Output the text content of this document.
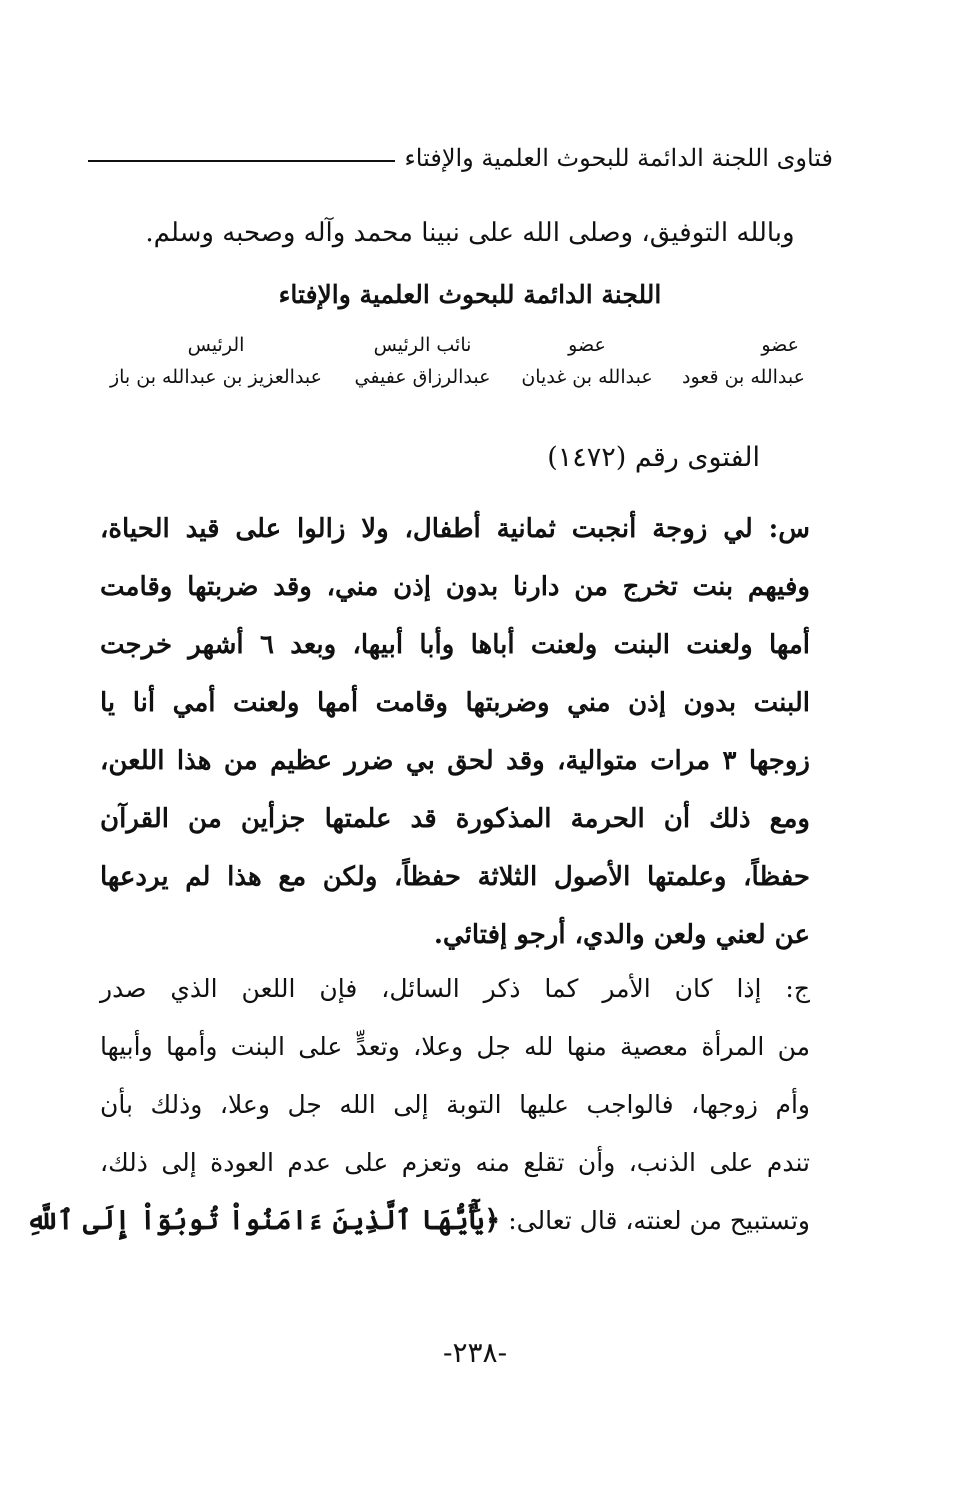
فتاوى اللجنة الدائمة للبحوث العلمية والإفتاء
وبالله التوفيق، وصلى الله على نبينا محمد وآله وصحبه وسلم.
اللجنة الدائمة للبحوث العلمية والإفتاء
عضو
عبدالله بن قعود
عضو
عبدالله بن غديان
نائب الرئيس
عبدالرزاق عفيفي
الرئيس
عبدالعزيز بن عبدالله بن باز
الفتوى رقم (١٤٧٢)
س: لي زوجة أنجبت ثمانية أطفال، ولا زالوا على قيد الحياة،
وفيهم بنت تخرج من دارنا بدون إذن مني، وقد ضربتها وقامت
أمها ولعنت البنت ولعنت أباها وأبا أبيها، وبعد ٦ أشهر خرجت
البنت بدون إذن مني وضربتها وقامت أمها ولعنت أمي أنا يا
زوجها ٣ مرات متوالية، وقد لحق بي ضرر عظيم من هذا اللعن،
ومع ذلك أن الحرمة المذكورة قد علمتها جزأين من القرآن
حفظاً، وعلمتها الأصول الثلاثة حفظاً، ولكن مع هذا لم يردعها
عن لعني ولعن والدي، أرجو إفتائي.
ج: إذا كان الأمر كما ذكر السائل، فإن اللعن الذي صدر
من المرأة معصية منها لله جل وعلا، وتعدٍّ على البنت وأمها وأبيها
وأم زوجها، فالواجب عليها التوبة إلى الله جل وعلا، وذلك بأن
تندم على الذنب، وأن تقلع منه وتعزم على عدم العودة إلى ذلك،
وتستبيح من لعنته، قال تعالى: ﴿يَٰٓأَيُّهَا ٱلَّذِينَ ءَامَنُواْ تُوبُوٓاْ إِلَى ٱللَّهِ
-٢٣٨-
